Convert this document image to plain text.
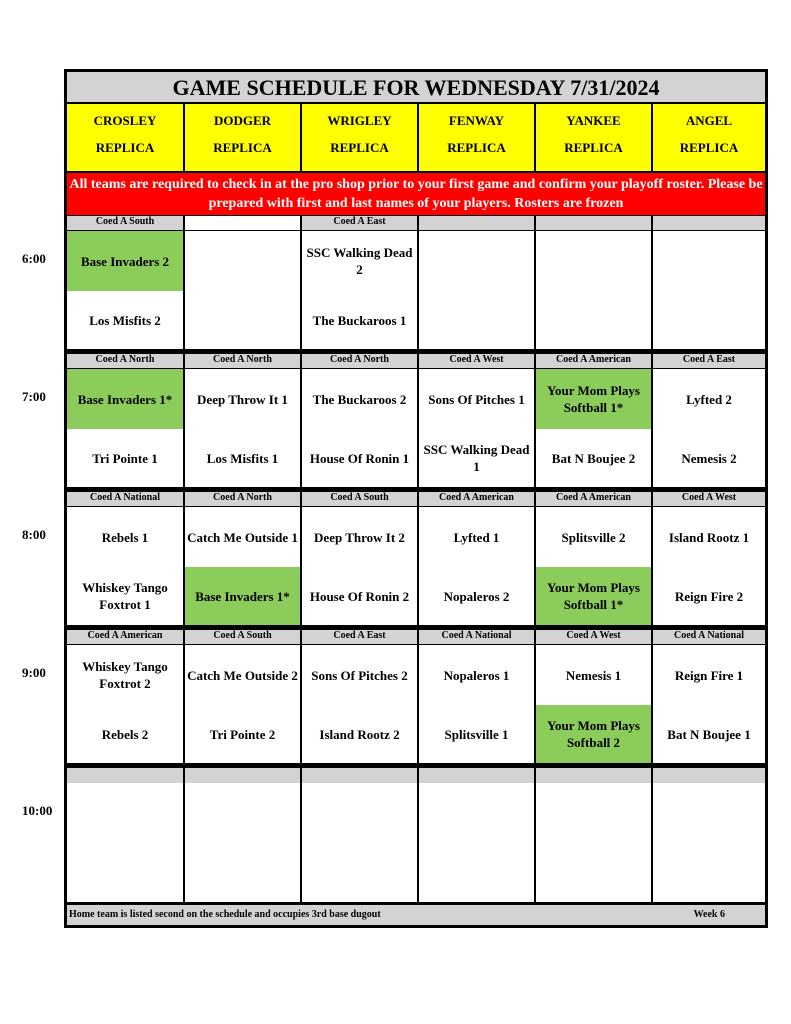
6:00
7:00
8:00
9:00
10:00
GAME SCHEDULE FOR WEDNESDAY 7/31/2024
CROSLEY
REPLICA
DODGER
REPLICA
WRIGLEY
REPLICA
FENWAY
REPLICA
YANKEE
REPLICA
ANGEL
REPLICA
All teams are required to check in at the pro shop prior to your first game and confirm your playoff roster. Please be prepared with first and last names of your players. Rosters are frozen
Coed A South
Base Invaders 2
Los Misfits 2
Coed A East
SSC Walking Dead 2
The Buckaroos 1
Coed A North
Base Invaders 1*
Tri Pointe 1
Coed A North
Deep Throw It 1
Los Misfits 1
Coed A North
The Buckaroos 2
House Of Ronin 1
Coed A West
Sons Of Pitches 1
SSC Walking Dead 1
Coed A American
Your Mom Plays Softball 1*
Bat N Boujee 2
Coed A East
Lyfted 2
Nemesis 2
Coed A National
Rebels 1
Whiskey Tango Foxtrot 1
Coed A North
Catch Me Outside 1
Base Invaders 1*
Coed A South
Deep Throw It 2
House Of Ronin 2
Coed A American
Lyfted 1
Nopaleros 2
Coed A American
Splitsville 2
Your Mom Plays Softball 1*
Coed A West
Island Rootz 1
Reign Fire 2
Coed A American
Whiskey Tango Foxtrot 2
Rebels 2
Coed A South
Catch Me Outside 2
Tri Pointe 2
Coed A East
Sons Of Pitches 2
Island Rootz 2
Coed A National
Nopaleros 1
Splitsville 1
Coed A West
Nemesis 1
Your Mom Plays Softball 2
Coed A National
Reign Fire 1
Bat N Boujee 1
Home team is listed second on the schedule and occupies 3rd base dugout	Week 6
